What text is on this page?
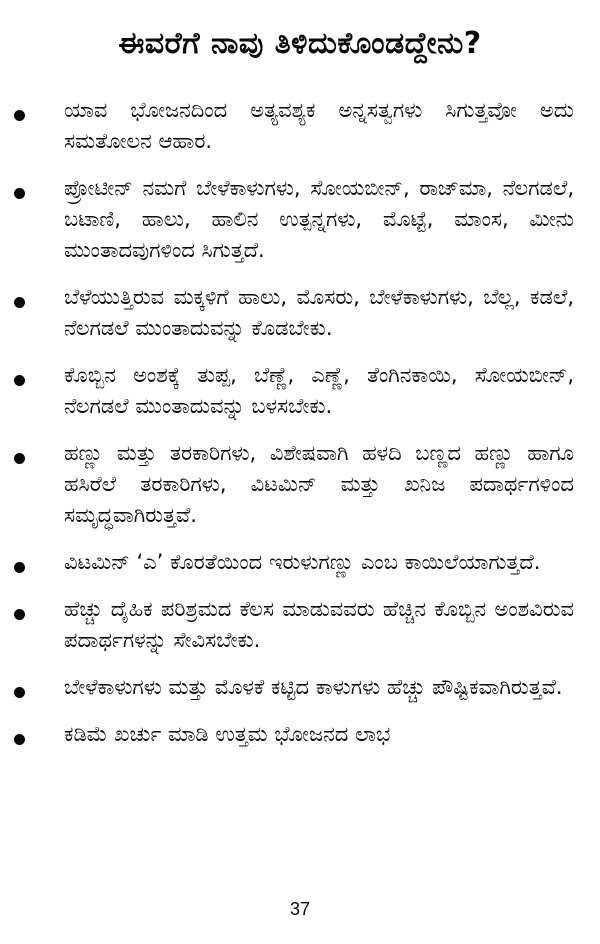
ಈವರೆಗೆ ನಾವು ತಿಳಿದುಕೊಂಡದ್ದೇನು?
ಯಾವ ಭೋಜನದಿಂದ ಅತ್ಯವಶ್ಯಕ ಅನ್ನಸತ್ವಗಳು ಸಿಗುತ್ತವೋ ಅದು ಸಮತೋಲನ ಆಹಾರ.
ಪ್ರೋಟೀನ್ ನಮಗೆ ಬೇಳೆಕಾಳುಗಳು, ಸೋಯಬೀನ್, ರಾಜ್‌ಮಾ, ನೆಲಗಡಲೆ, ಬಟಾಣಿ, ಹಾಲು, ಹಾಲಿನ ಉತ್ಪನ್ನಗಳು, ಮೊಟ್ಟೆ, ಮಾಂಸ, ಮೀನು ಮುಂತಾದವುಗಳಿಂದ ಸಿಗುತ್ತದೆ.
ಬೆಳೆಯುತ್ತಿರುವ ಮಕ್ಕಳಿಗೆ ಹಾಲು, ಮೊಸರು, ಬೇಳೆಕಾಳುಗಳು, ಬೆಲ್ಲ, ಕಡಲೆ, ನೆಲಗಡಲೆ ಮುಂತಾದುವನ್ನು ಕೊಡಬೇಕು.
ಕೊಬ್ಬಿನ ಅಂಶಕ್ಕೆ ತುಪ್ಪ, ಬೆಣ್ಣೆ, ಎಣ್ಣೆ, ತೆಂಗಿನಕಾಯಿ, ಸೋಯಬೀನ್, ನೆಲಗಡಲೆ ಮುಂತಾದುವನ್ನು ಬಳಸಬೇಕು.
ಹಣ್ಣು ಮತ್ತು ತರಕಾರಿಗಳು, ವಿಶೇಷವಾಗಿ ಹಳದಿ ಬಣ್ಣದ ಹಣ್ಣು ಹಾಗೂ ಹಸಿರೆಲೆ ತರಕಾರಿಗಳು, ವಿಟಮಿನ್ ಮತ್ತು ಖನಿಜ ಪದಾರ್ಥಗಳಿಂದ ಸಮೃದ್ಧವಾಗಿರುತ್ತವೆ.
ವಿಟಮಿನ್ ‘ಎ’ ಕೊರತೆಯಿಂದ ಇರುಳುಗಣ್ಣು ಎಂಬ ಕಾಯಿಲೆಯಾಗುತ್ತದೆ.
ಹೆಚ್ಚು ದೈಹಿಕ ಪರಿಶ್ರಮದ ಕೆಲಸ ಮಾಡುವವರು ಹೆಚ್ಚಿನ ಕೊಬ್ಬಿನ ಅಂಶವಿರುವ ಪದಾರ್ಥಗಳನ್ನು ಸೇವಿಸಬೇಕು.
ಬೇಳೆಕಾಳುಗಳು ಮತ್ತು ಮೊಳಕೆ ಕಟ್ಟಿದ ಕಾಳುಗಳು ಹೆಚ್ಚು ಪೌಷ್ಟಿಕವಾಗಿರುತ್ತವೆ.
ಕಡಿಮೆ ಖರ್ಚು ಮಾಡಿ ಉತ್ತಮ ಭೋಜನದ ಲಾಭ
37
